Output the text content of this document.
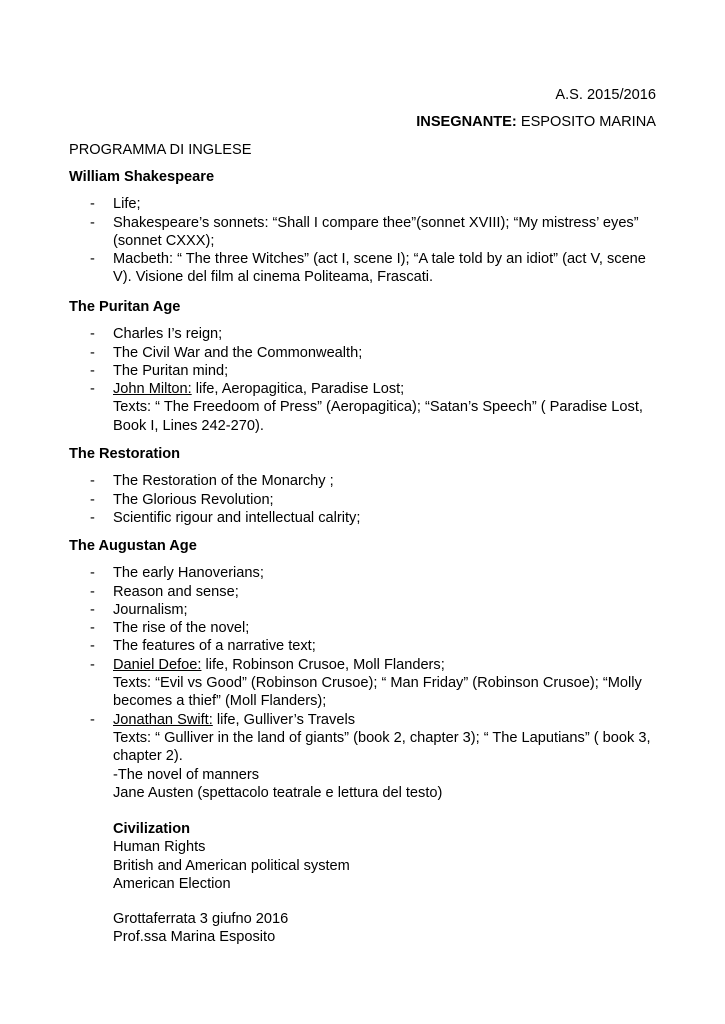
A.S. 2015/2016
INSEGNANTE: ESPOSITO MARINA
PROGRAMMA DI INGLESE
William Shakespeare
- Life;
- Shakespeare’s sonnets: “Shall I compare thee”(sonnet XVIII); “My mistress’ eyes” (sonnet CXXX);
- Macbeth: “ The three Witches” (act I, scene I); “A tale told by an idiot” (act V, scene V). Visione del film al cinema Politeama, Frascati.
The Puritan Age
- Charles I’s reign;
- The Civil War and the Commonwealth;
- The Puritan mind;
- John Milton: life, Aeropagitica, Paradise Lost;
Texts: “ The Freedoom of Press” (Aeropagitica); “Satan’s Speech” ( Paradise Lost, Book I, Lines 242-270).
The Restoration
- The Restoration of the Monarchy ;
- The Glorious Revolution;
- Scientific rigour and intellectual calrity;
The Augustan Age
- The early Hanoverians;
- Reason and sense;
- Journalism;
- The rise of the novel;
- The features of a narrative text;
- Daniel Defoe: life, Robinson Crusoe, Moll Flanders;
Texts: “Evil vs Good” (Robinson Crusoe); “ Man Friday” (Robinson Crusoe); “Molly becomes a thief” (Moll Flanders);
- Jonathan Swift: life, Gulliver’s Travels
Texts: “ Gulliver in the land of giants” (book 2, chapter 3); “ The Laputians” ( book 3, chapter 2).
-The novel of manners
Jane Austen (spettacolo teatrale e lettura del testo)
Civilization
Human Rights
British and American political system
American Election
Grottaferrata 3 giufno 2016
Prof.ssa Marina Esposito
